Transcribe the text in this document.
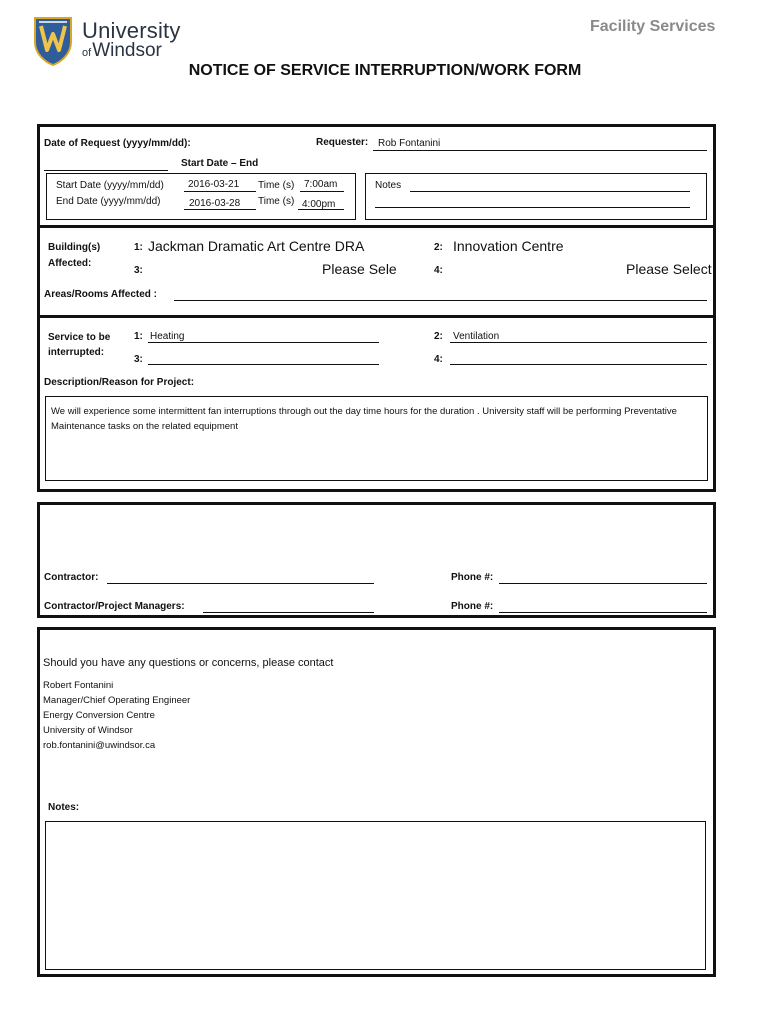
University
ofWindsor
Facility Services
NOTICE OF SERVICE INTERRUPTION/WORK FORM
Date of Request (yyyy/mm/dd):	Requester: Rob Fontanini
Start Date – End
Start Date (yyyy/mm/dd) 2016-03-21 Time (s) 7:00am
End Date (yyyy/mm/dd)	2016-03-28 Time (s) 4:00pm
Notes
Building(s)
Affected:
1: Jackman Dramatic Art Centre DRA	2: Innovation Centre
3:	Please Sele	4:	Please Select
Areas/Rooms Affected :
Service to be
interrupted:
1: Heating	2: Ventilation
3:	4:
Description/Reason for Project:
We will experience some intermittent fan interruptions through out the day time hours for the duration . University staff will be performing Preventative Maintenance tasks on the related equipment
Contractor:	Phone #:
Contractor/Project Managers:	Phone #:
Should you have any questions or concerns, please contact
Robert Fontanini
Manager/Chief Operating Engineer
Energy Conversion Centre
University of Windsor
rob.fontanini@uwindsor.ca
Notes:
